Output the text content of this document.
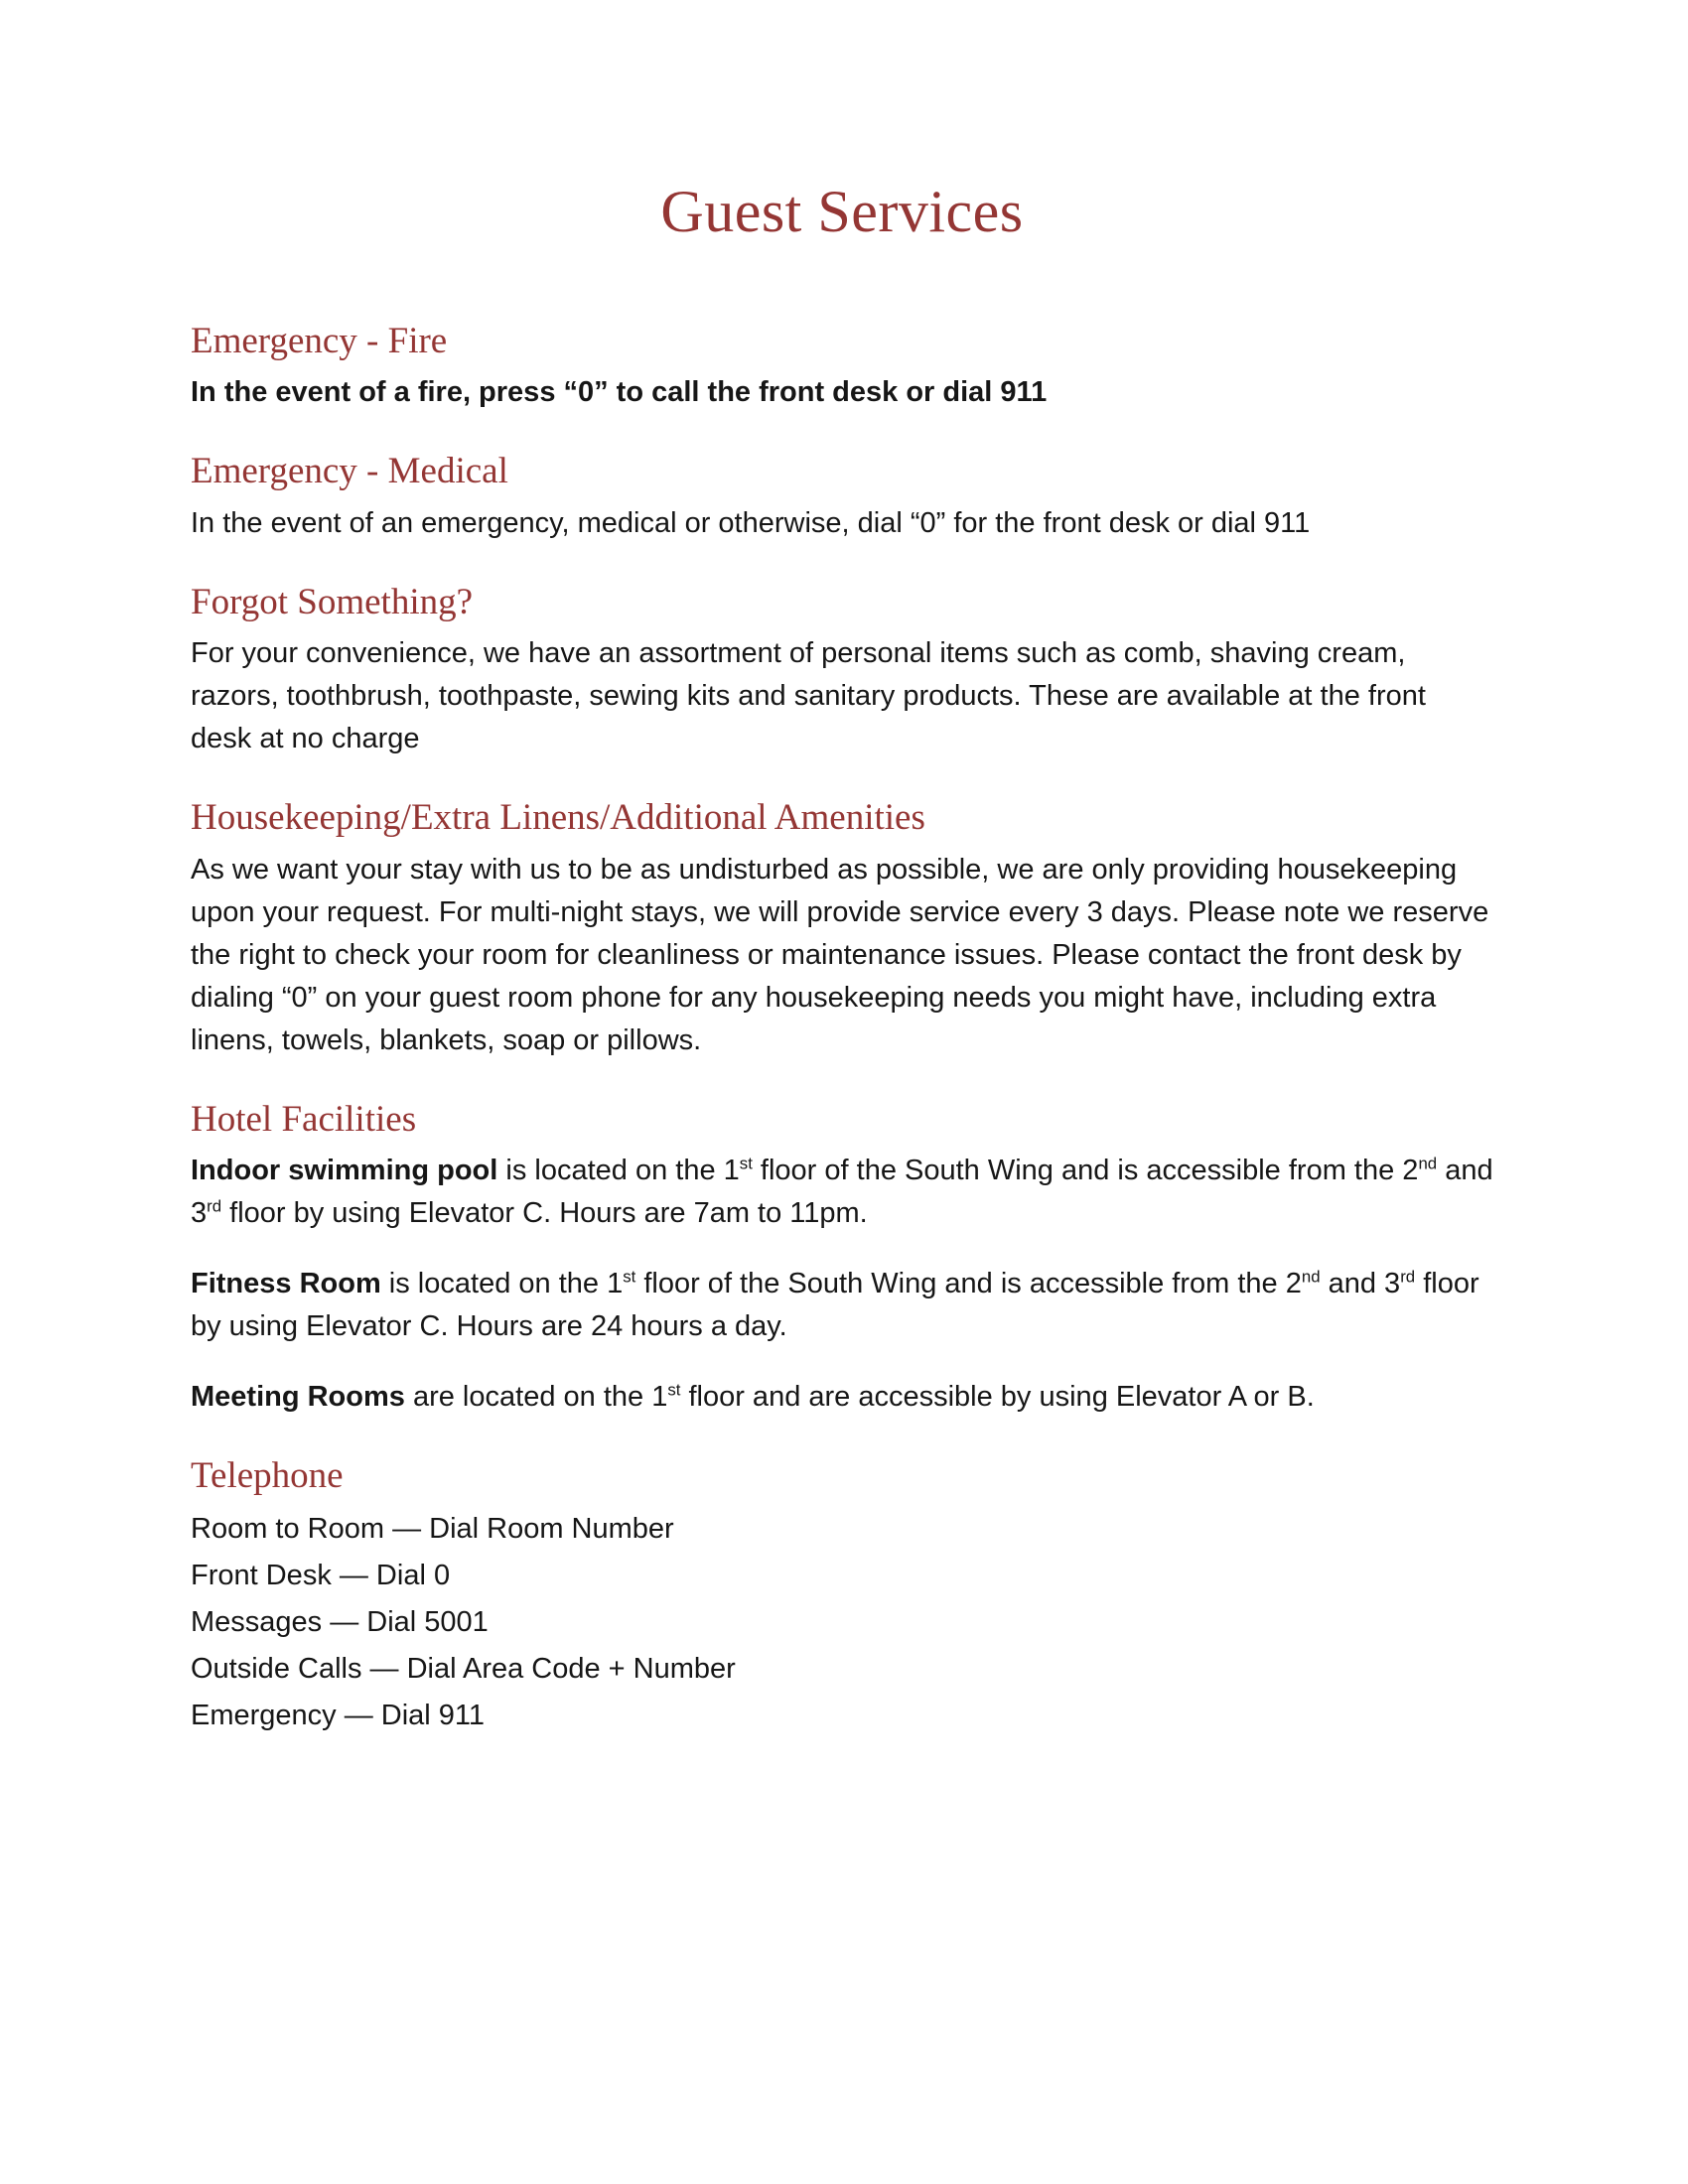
Guest Services
Emergency - Fire

In the event of a fire, press “0” to call the front desk or dial 911

Emergency - Medical

In the event of an emergency, medical or otherwise, dial “0” for the front desk or dial 911

Forgot Something?

For your convenience, we have an assortment of personal items such as comb, shaving cream, razors, toothbrush, toothpaste, sewing kits and sanitary products. These are available at the front desk at no charge

Housekeeping/Extra Linens/Additional Amenities

As we want your stay with us to be as undisturbed as possible, we are only providing housekeeping upon your request. For multi-night stays, we will provide service every 3 days. Please note we reserve the right to check your room for cleanliness or maintenance issues. Please contact the front desk by dialing “0” on your guest room phone for any housekeeping needs you might have, including extra linens, towels, blankets, soap or pillows.

Hotel Facilities

Indoor swimming pool is located on the 1st floor of the South Wing and is accessible from the 2nd and 3rd floor by using Elevator C. Hours are 7am to 11pm.

Fitness Room is located on the 1st floor of the South Wing and is accessible from the 2nd and 3rd floor by using Elevator C. Hours are 24 hours a day.

Meeting Rooms are located on the 1st floor and are accessible by using Elevator A or B.

Telephone

Room to Room — Dial Room Number

Front Desk — Dial 0

Messages — Dial 5001

Outside Calls — Dial Area Code + Number

Emergency — Dial 911
